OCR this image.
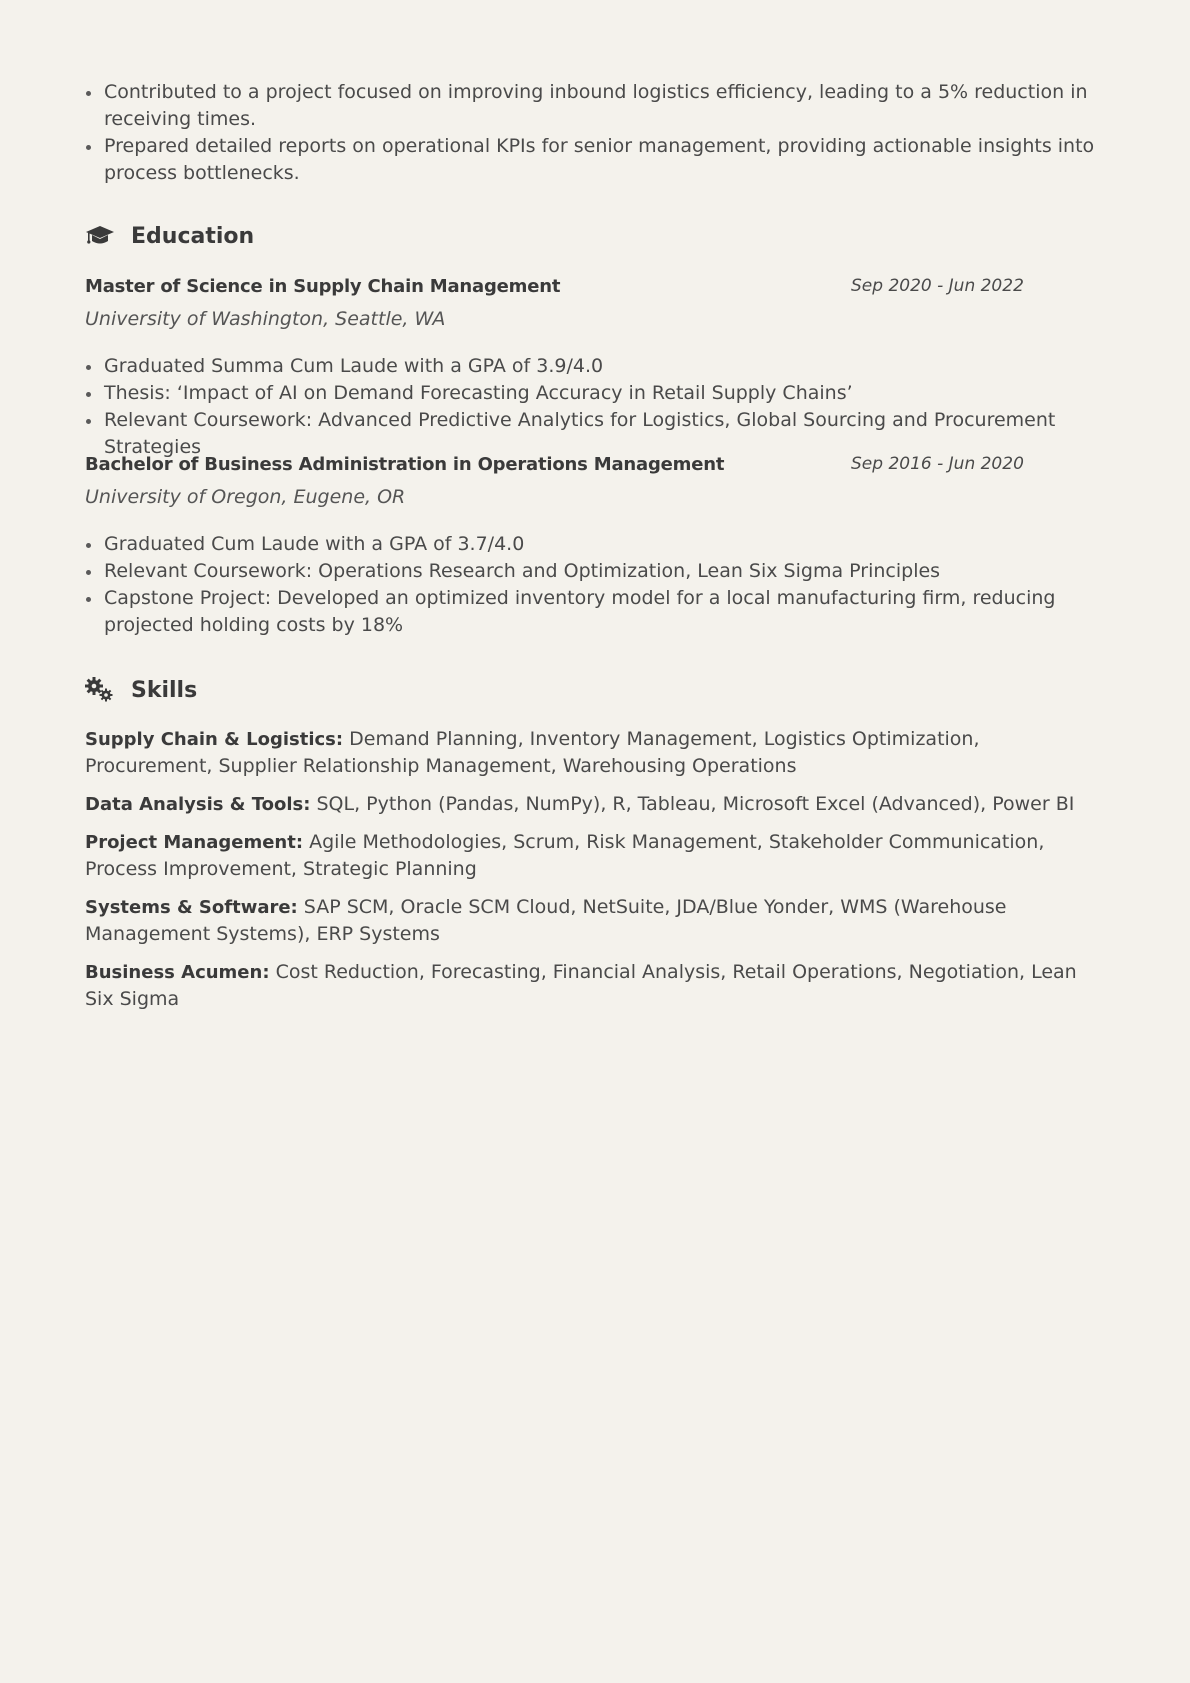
Contributed to a project focused on improving inbound logistics efficiency, leading to a 5% reduction in receiving times.
Prepared detailed reports on operational KPIs for senior management, providing actionable insights into process bottlenecks.
Education
Master of Science in Supply Chain Management	Sep 2020 - Jun 2022
University of Washington, Seattle, WA
Graduated Summa Cum Laude with a GPA of 3.9/4.0
Thesis: ‘Impact of AI on Demand Forecasting Accuracy in Retail Supply Chains’
Relevant Coursework: Advanced Predictive Analytics for Logistics, Global Sourcing and Procurement Strategies
Bachelor of Business Administration in Operations Management	Sep 2016 - Jun 2020
University of Oregon, Eugene, OR
Graduated Cum Laude with a GPA of 3.7/4.0
Relevant Coursework: Operations Research and Optimization, Lean Six Sigma Principles
Capstone Project: Developed an optimized inventory model for a local manufacturing firm, reducing projected holding costs by 18%
Skills

Supply Chain & Logistics: Demand Planning, Inventory Management, Logistics Optimization, Procurement, Supplier Relationship Management, Warehousing Operations

Data Analysis & Tools: SQL, Python (Pandas, NumPy), R, Tableau, Microsoft Excel (Advanced), Power BI

Project Management: Agile Methodologies, Scrum, Risk Management, Stakeholder Communication, Process Improvement, Strategic Planning

Systems & Software: SAP SCM, Oracle SCM Cloud, NetSuite, JDA/Blue Yonder, WMS (Warehouse Management Systems), ERP Systems

Business Acumen: Cost Reduction, Forecasting, Financial Analysis, Retail Operations, Negotiation, Lean Six Sigma
